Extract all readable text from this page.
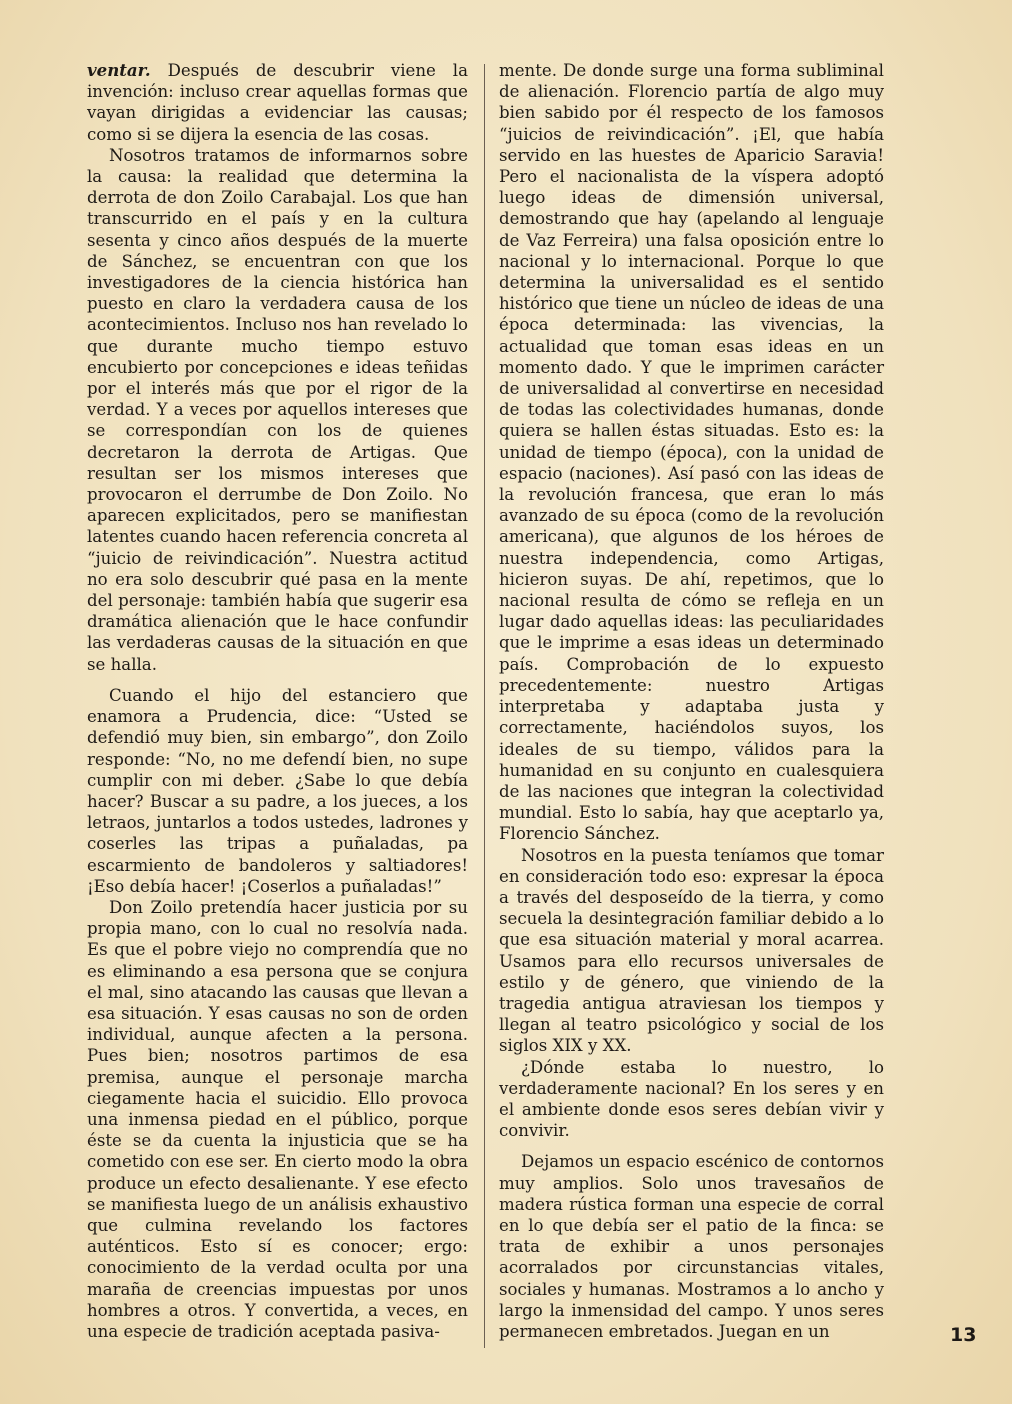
ventar. Después de descubrir viene la invención: incluso crear aquellas formas que vayan dirigidas a evidenciar las causas; como si se dijera la esencia de las cosas.

Nosotros tratamos de informarnos sobre la causa: la realidad que determina la derrota de don Zoilo Carabajal. Los que han transcurrido en el país y en la cultura sesenta y cinco años después de la muerte de Sánchez, se encuentran con que los investigadores de la ciencia histórica han puesto en claro la verdadera causa de los acontecimientos. Incluso nos han revelado lo que durante mucho tiempo estuvo encubierto por concepciones e ideas teñidas por el interés más que por el rigor de la verdad. Y a veces por aquellos intereses que se correspondían con los de quienes decretaron la derrota de Artigas. Que resultan ser los mismos intereses que provocaron el derrumbe de Don Zoilo. No aparecen explicitados, pero se manifiestan latentes cuando hacen referencia concreta al “juicio de reivindicación”. Nuestra actitud no era solo descubrir qué pasa en la mente del personaje: también había que sugerir esa dramática alienación que le hace confundir las verdaderas causas de la situación en que se halla.

Cuando el hijo del estanciero que enamora a Prudencia, dice: “Usted se defendió muy bien, sin embargo”, don Zoilo responde: “No, no me defendí bien, no supe cumplir con mi deber. ¿Sabe lo que debía hacer? Buscar a su padre, a los jueces, a los letraos, juntarlos a todos ustedes, ladrones y coserles las tripas a puñaladas, pa escarmiento de bandoleros y saltiadores! ¡Eso debía hacer! ¡Coserlos a puñaladas!”

Don Zoilo pretendía hacer justicia por su propia mano, con lo cual no resolvía nada. Es que el pobre viejo no comprendía que no es eliminando a esa persona que se conjura el mal, sino atacando las causas que llevan a esa situación. Y esas causas no son de orden individual, aunque afecten a la persona. Pues bien; nosotros partimos de esa premisa, aunque el personaje marcha ciegamente hacia el suicidio. Ello provoca una inmensa piedad en el público, porque éste se da cuenta la injusticia que se ha cometido con ese ser. En cierto modo la obra produce un efecto desalienante. Y ese efecto se manifiesta luego de un análisis exhaustivo que culmina revelando los factores auténticos. Esto sí es conocer; ergo: conocimiento de la verdad oculta por una maraña de creencias impuestas por unos hombres a otros. Y convertida, a veces, en una especie de tradición aceptada pasiva-

mente. De donde surge una forma subliminal de alienación. Florencio partía de algo muy bien sabido por él respecto de los famosos “juicios de reivindicación”. ¡El, que había servido en las huestes de Aparicio Saravia! Pero el nacionalista de la víspera adoptó luego ideas de dimensión universal, demostrando que hay (apelando al lenguaje de Vaz Ferreira) una falsa oposición entre lo nacional y lo internacional. Porque lo que determina la universalidad es el sentido histórico que tiene un núcleo de ideas de una época determinada: las vivencias, la actualidad que toman esas ideas en un momento dado. Y que le imprimen carácter de universalidad al convertirse en necesidad de todas las colectividades humanas, donde quiera se hallen éstas situadas. Esto es: la unidad de tiempo (época), con la unidad de espacio (naciones). Así pasó con las ideas de la revolución francesa, que eran lo más avanzado de su época (como de la revolución americana), que algunos de los héroes de nuestra independencia, como Artigas, hicieron suyas. De ahí, repetimos, que lo nacional resulta de cómo se refleja en un lugar dado aquellas ideas: las peculiaridades que le imprime a esas ideas un determinado país. Comprobación de lo expuesto precedentemente: nuestro Artigas interpretaba y adaptaba justa y correctamente, haciéndolos suyos, los ideales de su tiempo, válidos para la humanidad en su conjunto en cualesquiera de las naciones que integran la colectividad mundial. Esto lo sabía, hay que aceptarlo ya, Florencio Sánchez.

Nosotros en la puesta teníamos que tomar en consideración todo eso: expresar la época a través del desposeído de la tierra, y como secuela la desintegración familiar debido a lo que esa situación material y moral acarrea. Usamos para ello recursos universales de estilo y de género, que viniendo de la tragedia antigua atraviesan los tiempos y llegan al teatro psicológico y social de los siglos XIX y XX.

¿Dónde estaba lo nuestro, lo verdaderamente nacional? En los seres y en el ambiente donde esos seres debían vivir y convivir.

Dejamos un espacio escénico de contornos muy amplios. Solo unos travesaños de madera rústica forman una especie de corral en lo que debía ser el patio de la finca: se trata de exhibir a unos personajes acorralados por circunstancias vitales, sociales y humanas. Mostramos a lo ancho y largo la inmensidad del campo. Y unos seres permanecen embretados. Juegan en un	13
